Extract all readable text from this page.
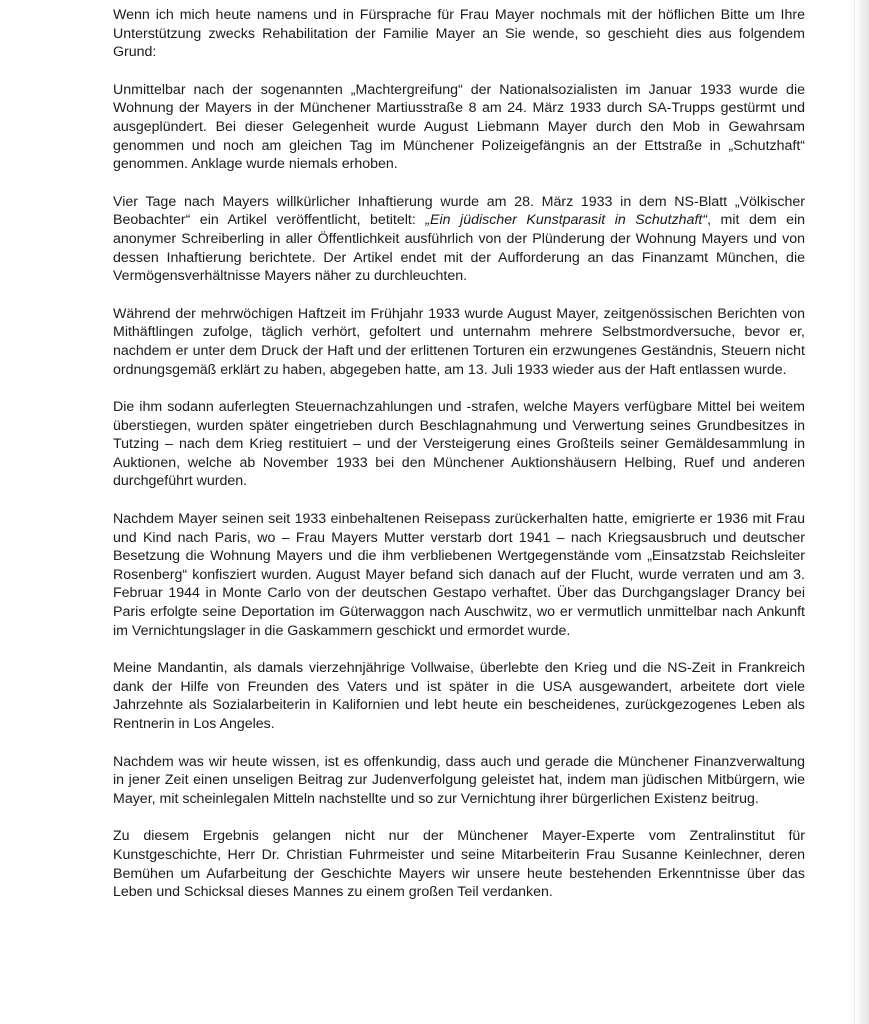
Wenn ich mich heute namens und in Fürsprache für Frau Mayer nochmals mit der höflichen Bitte um Ihre Unterstützung zwecks Rehabilitation der Familie Mayer an Sie wende, so geschieht dies aus folgendem Grund:

Unmittelbar nach der sogenannten „Machtergreifung“ der Nationalsozialisten im Januar 1933 wurde die Wohnung der Mayers in der Münchener Martiusstraße 8 am 24. März 1933 durch SA-Trupps gestürmt und ausgeplündert. Bei dieser Gelegenheit wurde August Liebmann Mayer durch den Mob in Gewahrsam genommen und noch am gleichen Tag im Münchener Polizeigefängnis an der Ettstraße in „Schutzhaft“ genommen. Anklage wurde niemals erhoben.

Vier Tage nach Mayers willkürlicher Inhaftierung wurde am 28. März 1933 in dem NS-Blatt „Völkischer Beobachter“ ein Artikel veröffentlicht, betitelt: „Ein jüdischer Kunstparasit in Schutzhaft“, mit dem ein anonymer Schreiberling in aller Öffentlichkeit ausführlich von der Plünderung der Wohnung Mayers und von dessen Inhaftierung berichtete. Der Artikel endet mit der Aufforderung an das Finanzamt München, die Vermögensverhältnisse Mayers näher zu durchleuchten.

Während der mehrwöchigen Haftzeit im Frühjahr 1933 wurde August Mayer, zeitgenössischen Berichten von Mithäftlingen zufolge, täglich verhört, gefoltert und unternahm mehrere Selbstmordversuche, bevor er, nachdem er unter dem Druck der Haft und der erlittenen Torturen ein erzwungenes Geständnis, Steuern nicht ordnungsgemäß erklärt zu haben, abgegeben hatte, am 13. Juli 1933 wieder aus der Haft entlassen wurde.

Die ihm sodann auferlegten Steuernachzahlungen und -strafen, welche Mayers verfügbare Mittel bei weitem überstiegen, wurden später eingetrieben durch Beschlagnahmung und Verwertung seines Grundbesitzes in Tutzing – nach dem Krieg restituiert – und der Versteigerung eines Großteils seiner Gemäldesammlung in Auktionen, welche ab November 1933 bei den Münchener Auktionshäusern Helbing, Ruef und anderen durchgeführt wurden.

Nachdem Mayer seinen seit 1933 einbehaltenen Reisepass zurückerhalten hatte, emigrierte er 1936 mit Frau und Kind nach Paris, wo – Frau Mayers Mutter verstarb dort 1941 – nach Kriegsausbruch und deutscher Besetzung die Wohnung Mayers und die ihm verbliebenen Wertgegenstände vom „Einsatzstab Reichsleiter Rosenberg“ konfisziert wurden. August Mayer befand sich danach auf der Flucht, wurde verraten und am 3. Februar 1944 in Monte Carlo von der deutschen Gestapo verhaftet. Über das Durchgangslager Drancy bei Paris erfolgte seine Deportation im Güterwaggon nach Auschwitz, wo er vermutlich unmittelbar nach Ankunft im Vernichtungslager in die Gaskammern geschickt und ermordet wurde.

Meine Mandantin, als damals vierzehnjährige Vollwaise, überlebte den Krieg und die NS-Zeit in Frankreich dank der Hilfe von Freunden des Vaters und ist später in die USA ausgewandert, arbeitete dort viele Jahrzehnte als Sozialarbeiterin in Kalifornien und lebt heute ein bescheidenes, zurückgezogenes Leben als Rentnerin in Los Angeles.

Nachdem was wir heute wissen, ist es offenkundig, dass auch und gerade die Münchener Finanzverwaltung in jener Zeit einen unseligen Beitrag zur Judenverfolgung geleistet hat, indem man jüdischen Mitbürgern, wie Mayer, mit scheinlegalen Mitteln nachstellte und so zur Vernichtung ihrer bürgerlichen Existenz beitrug.

Zu diesem Ergebnis gelangen nicht nur der Münchener Mayer-Experte vom Zentralinstitut für Kunstgeschichte, Herr Dr. Christian Fuhrmeister und seine Mitarbeiterin Frau Susanne Keinlechner, deren Bemühen um Aufarbeitung der Geschichte Mayers wir unsere heute bestehenden Erkenntnisse über das Leben und Schicksal dieses Mannes zu einem großen Teil verdanken.
